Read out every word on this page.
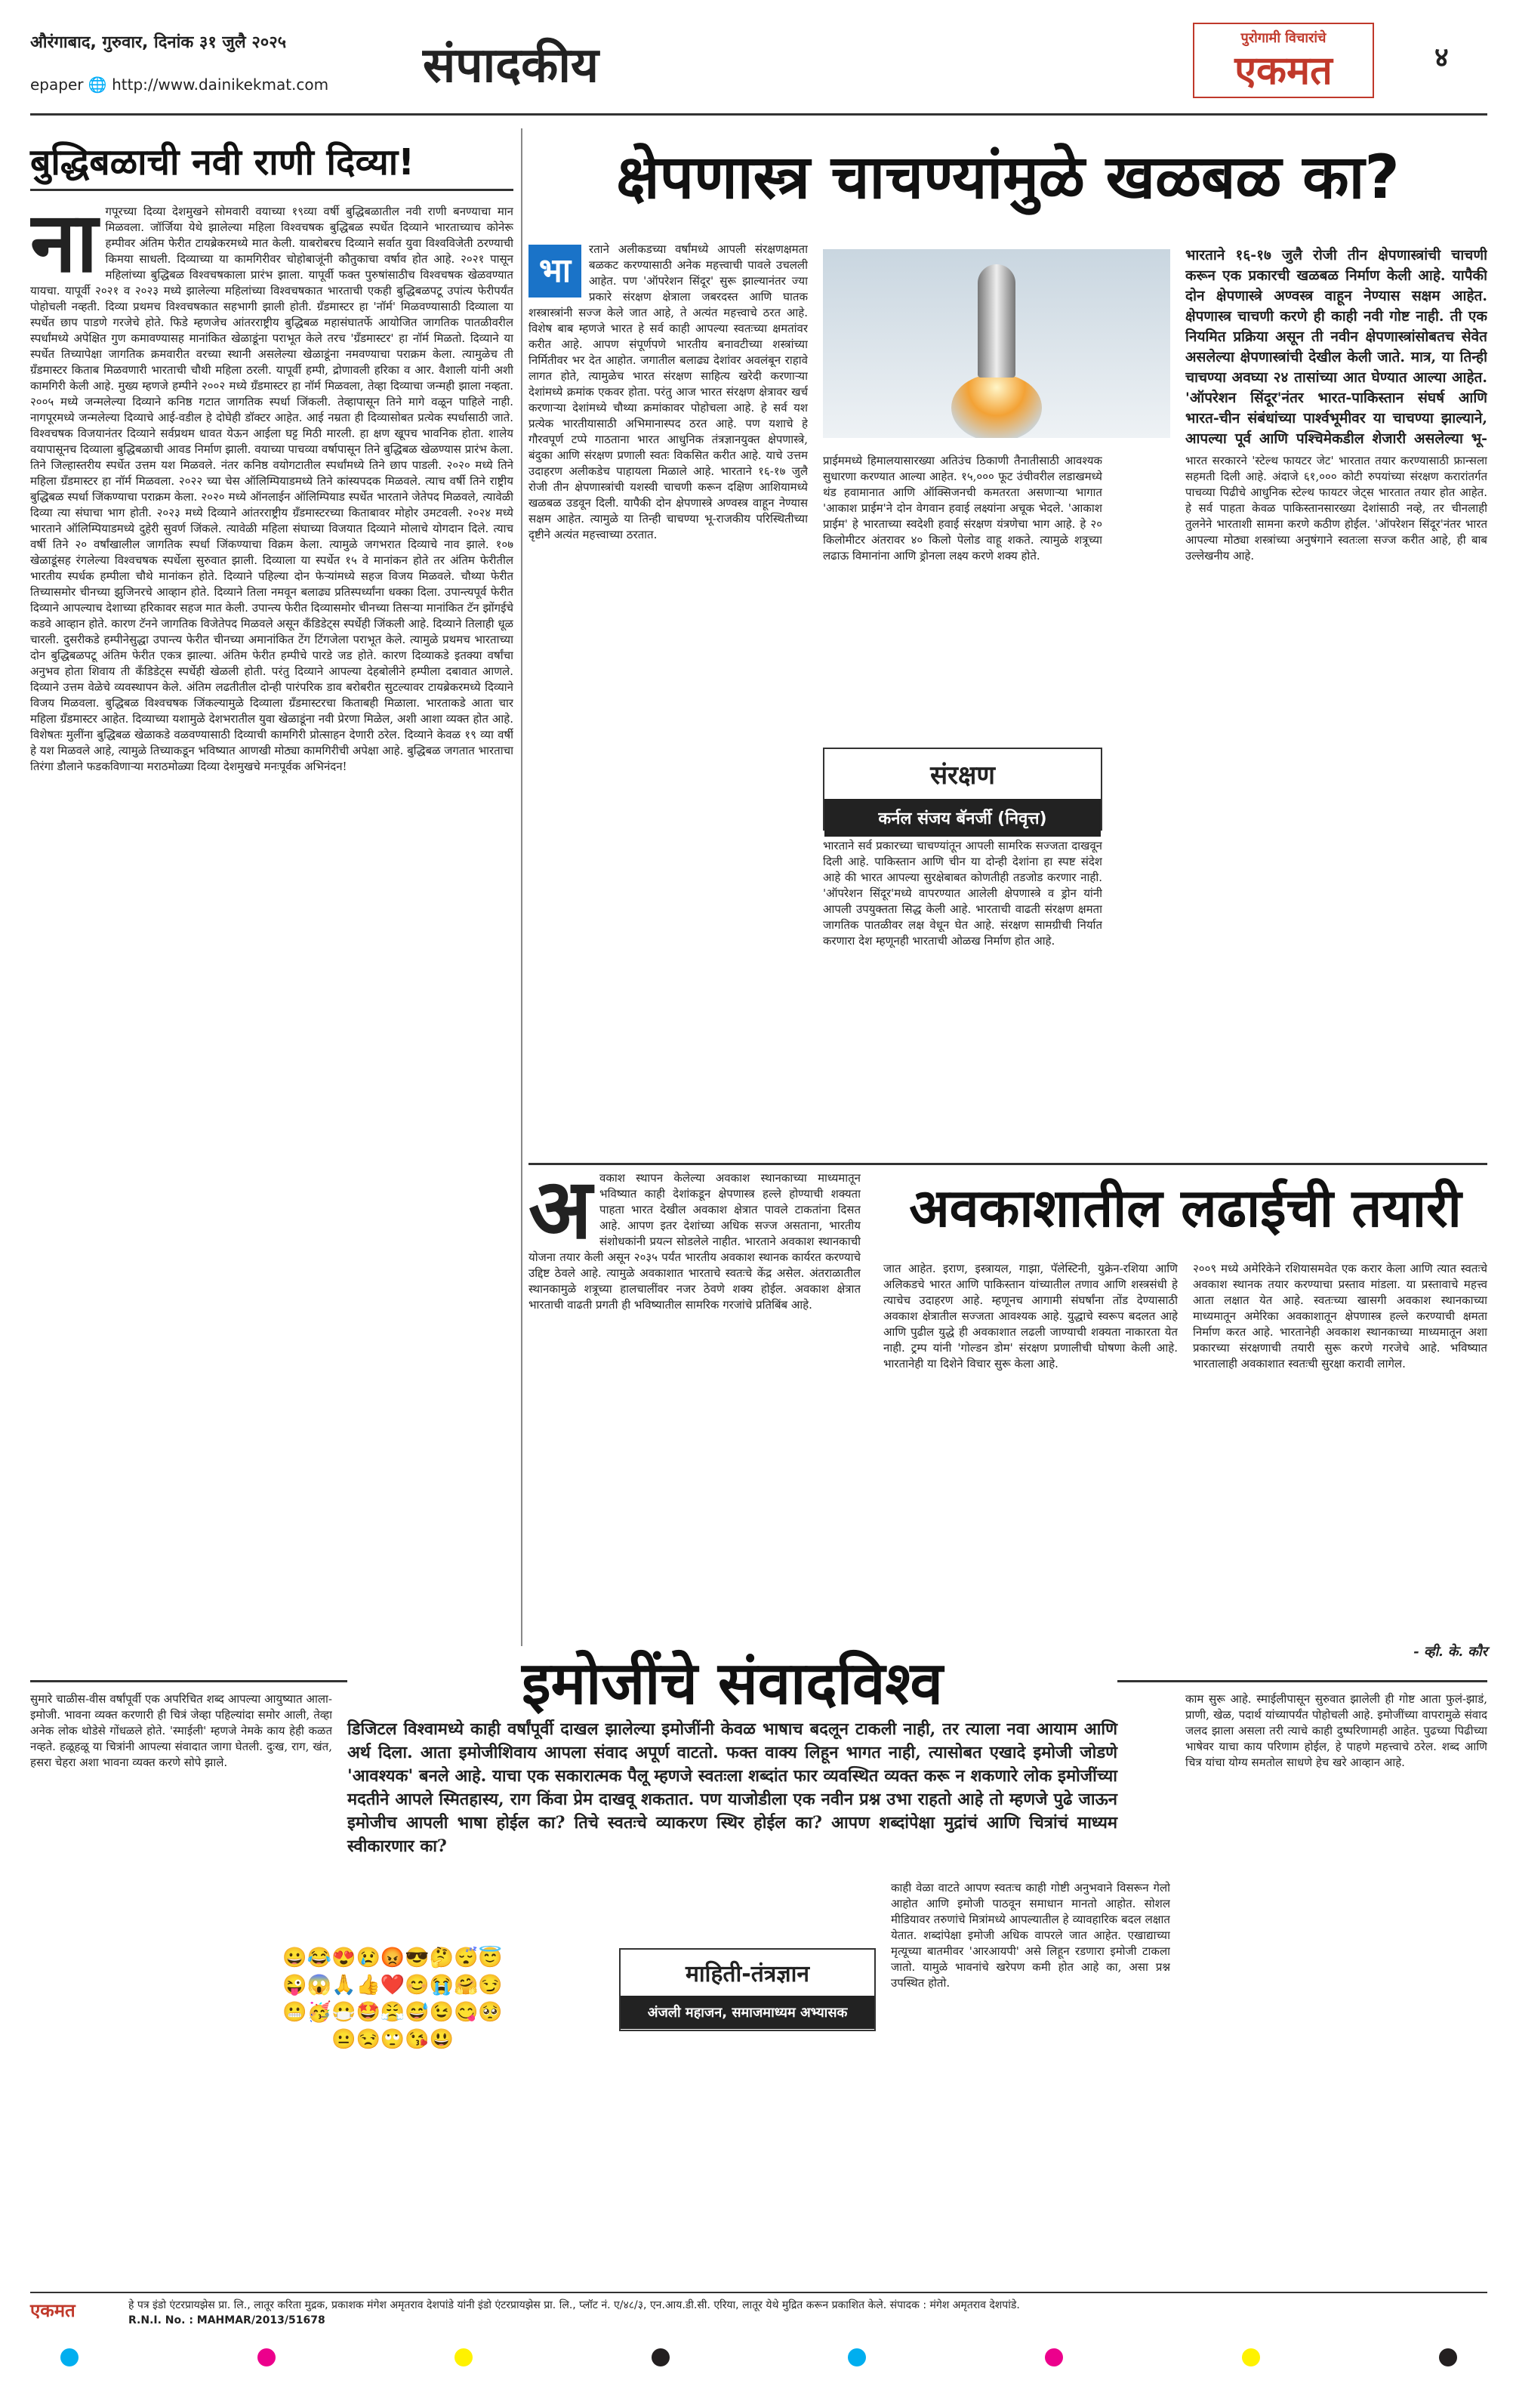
औरंगाबाद, गुरुवार, दिनांक ३१ जुलै २०२५
epaper 🌐 http://www.dainikekmat.com	संपादकीय	पुरोगामी विचारांचे
एकमत	४
बुद्धिबळाची नवी राणी दिव्या!
ना गपूरच्या दिव्या देशमुखने सोमवारी वयाच्या १९व्या वर्षी बुद्धिबळातील नवी राणी बनण्याचा मान मिळवला. जॉर्जिया येथे झालेल्या महिला विश्वचषक बुद्धिबळ स्पर्धेत दिव्याने भारताच्याच कोनेरू हम्पीवर अंतिम फेरीत टायब्रेकरमध्ये मात केली. याबरोबरच दिव्याने सर्वात युवा विश्वविजेती ठरण्याची किमया साधली. दिव्याच्या या कामगिरीवर चोहोबाजूंनी कौतुकाचा वर्षाव होत आहे. २०२१ पासून महिलांच्या बुद्धिबळ विश्वचषकाला प्रारंभ झाला. यापूर्वी फक्त पुरुषांसाठीच विश्वचषक खेळवण्यात यायचा. यापूर्वी २०२१ व २०२३ मध्ये झालेल्या महिलांच्या विश्वचषकात भारताची एकही बुद्धिबळपटू उपांत्य फेरीपर्यंत पोहोचली नव्हती. दिव्या प्रथमच विश्वचषकात सहभागी झाली होती. ग्रँडमास्टर हा 'नॉर्म' मिळवण्यासाठी दिव्याला या स्पर्धेत छाप पाडणे गरजेचे होते. फिडे म्हणजेच आंतरराष्ट्रीय बुद्धिबळ महासंघातर्फे आयोजित जागतिक पातळीवरील स्पर्धांमध्ये अपेक्षित गुण कमावण्यासह मानांकित खेळाडूंना पराभूत केले तरच 'ग्रँडमास्टर' हा नॉर्म मिळतो. दिव्याने या स्पर्धेत तिच्यापेक्षा जागतिक क्रमवारीत वरच्या स्थानी असलेल्या खेळाडूंना नमवण्याचा पराक्रम केला. त्यामुळेच ती ग्रँडमास्टर किताब मिळवणारी भारताची चौथी महिला ठरली. यापूर्वी हम्पी, द्रोणावली हरिका व आर. वैशाली यांनी अशी कामगिरी केली आहे. मुख्य म्हणजे हम्पीने २००२ मध्ये ग्रँडमास्टर हा नॉर्म मिळवला, तेव्हा दिव्याचा जन्मही झाला नव्हता. २००५ मध्ये जन्मलेल्या दिव्याने कनिष्ठ गटात जागतिक स्पर्धा जिंकली. तेव्हापासून तिने मागे वळून पाहिले नाही. नागपूरमध्ये जन्मलेल्या दिव्याचे आई-वडील हे दोघेही डॉक्टर आहेत. आई नम्रता ही दिव्यासोबत प्रत्येक स्पर्धासाठी जाते. विश्वचषक विजयानंतर दिव्याने सर्वप्रथम धावत येऊन आईला घट्ट मिठी मारली. हा क्षण खूपच भावनिक होता. शालेय वयापासूनच दिव्याला बुद्धिबळाची आवड निर्माण झाली. वयाच्या पाचव्या वर्षापासून तिने बुद्धिबळ खेळण्यास प्रारंभ केला. तिने जिल्हास्तरीय स्पर्धेत उत्तम यश मिळवले. नंतर कनिष्ठ वयोगटातील स्पर्धांमध्ये तिने छाप पाडली. २०२० मध्ये तिने महिला ग्रँडमास्टर हा नॉर्म मिळवला. २०२२ च्या चेस ऑलिम्पियाडमध्ये तिने कांस्यपदक मिळवले. त्याच वर्षी तिने राष्ट्रीय बुद्धिबळ स्पर्धा जिंकण्याचा पराक्रम केला. २०२० मध्ये ऑनलाईन ऑलिम्पियाड स्पर्धेत भारताने जेतेपद मिळवले, त्यावेळी दिव्या त्या संघाचा भाग होती. २०२३ मध्ये दिव्याने आंतरराष्ट्रीय ग्रँडमास्टरच्या किताबावर मोहोर उमटवली. २०२४ मध्ये भारताने ऑलिम्पियाडमध्ये दुहेरी सुवर्ण जिंकले. त्यावेळी महिला संघाच्या विजयात दिव्याने मोलाचे योगदान दिले. त्याच वर्षी तिने २० वर्षांखालील जागतिक स्पर्धा जिंकण्याचा विक्रम केला. त्यामुळे जगभरात दिव्याचे नाव झाले. १०७ खेळाडूंसह रंगलेल्या विश्वचषक स्पर्धेला सुरुवात झाली. दिव्याला या स्पर्धेत १५ वे मानांकन होते तर अंतिम फेरीतील भारतीय स्पर्धक हम्पीला चौथे मानांकन होते. दिव्याने पहिल्या दोन फेऱ्यांमध्ये सहज विजय मिळवले. चौथ्या फेरीत तिच्यासमोर चीनच्या झुजिनरचे आव्हान होते. दिव्याने तिला नमवून बलाढ्य प्रतिस्पर्ध्यांना धक्का दिला. उपान्त्यपूर्व फेरीत दिव्याने आपल्याच देशाच्या हरिकावर सहज मात केली. उपान्त्य फेरीत दिव्यासमोर चीनच्या तिसऱ्या मानांकित टॅन झोंगईचे कडवे आव्हान होते. कारण टॅनने जागतिक विजेतेपद मिळवले असून कॅंडिडेट्स स्पर्धेही जिंकली आहे. दिव्याने तिलाही धूळ चारली. दुसरीकडे हम्पीनेसुद्धा उपान्त्य फेरीत चीनच्या अमानांकित टेंग टिंगजेला पराभूत केले. त्यामुळे प्रथमच भारताच्या दोन बुद्धिबळपटू अंतिम फेरीत एकत्र झाल्या. अंतिम फेरीत हम्पीचे पारडे जड होते. कारण दिव्याकडे इतक्या वर्षांचा अनुभव होता शिवाय ती कॅंडिडेट्स स्पर्धेही खेळली होती. परंतु दिव्याने आपल्या देहबोलीने हम्पीला दबावात आणले. दिव्याने उत्तम वेळेचे व्यवस्थापन केले. अंतिम लढतीतील दोन्ही पारंपरिक डाव बरोबरीत सुटल्यावर टायब्रेकरमध्ये दिव्याने विजय मिळवला. बुद्धिबळ विश्वचषक जिंकल्यामुळे दिव्याला ग्रँडमास्टरचा किताबही मिळाला. भारताकडे आता चार महिला ग्रँडमास्टर आहेत. दिव्याच्या यशामुळे देशभरातील युवा खेळाडूंना नवी प्रेरणा मिळेल, अशी आशा व्यक्त होत आहे. विशेषतः मुलींना बुद्धिबळ खेळाकडे वळवण्यासाठी दिव्याची कामगिरी प्रोत्साहन देणारी ठरेल. दिव्याने केवळ १९ व्या वर्षी हे यश मिळवले आहे, त्यामुळे तिच्याकडून भविष्यात आणखी मोठ्या कामगिरीची अपेक्षा आहे. बुद्धिबळ जगतात भारताचा तिरंगा डौलाने फडकविणाऱ्या मराठमोळ्या दिव्या देशमुखचे मनःपूर्वक अभिनंदन!
क्षेपणास्त्र चाचण्यांमुळे खळबळ का?
भा
रताने अलीकडच्या वर्षांमध्ये आपली संरक्षणक्षमता बळकट करण्यासाठी अनेक महत्त्वाची पावले उचलली आहेत. पण 'ऑपरेशन सिंदूर' सुरू झाल्यानंतर ज्या प्रकारे संरक्षण क्षेत्राला जबरदस्त आणि घातक शस्त्रास्त्रांनी सज्ज केले जात आहे, ते अत्यंत महत्त्वाचे ठरत आहे. विशेष बाब म्हणजे भारत हे सर्व काही आपल्या स्वतःच्या क्षमतांवर करीत आहे. आपण संपूर्णपणे भारतीय बनावटीच्या शस्त्रांच्या निर्मितीवर भर देत आहोत. जगातील बलाढ्य देशांवर अवलंबून राहावे लागत होते, त्यामुळेच भारत संरक्षण साहित्य खरेदी करणाऱ्या देशांमध्ये क्रमांक एकवर होता. परंतु आज भारत संरक्षण क्षेत्रावर खर्च करणाऱ्या देशांमध्ये चौथ्या क्रमांकावर पोहोचला आहे. हे सर्व यश प्रत्येक भारतीयासाठी अभिमानास्पद ठरत आहे. पण यशाचे हे गौरवपूर्ण टप्पे गाठताना भारत आधुनिक तंत्रज्ञानयुक्त क्षेपणास्त्रे, बंदुका आणि संरक्षण प्रणाली स्वतः विकसित करीत आहे. याचे उत्तम उदाहरण अलीकडेच पाहायला मिळाले आहे. भारताने १६-१७ जुलै रोजी तीन क्षेपणास्त्रांची यशस्वी चाचणी करून दक्षिण आशियामध्ये खळबळ उडवून दिली. यापैकी दोन क्षेपणास्त्रे अण्वस्त्र वाहून नेण्यास सक्षम आहेत. त्यामुळे या तिन्ही चाचण्या भू-राजकीय परिस्थितीच्या दृष्टीने अत्यंत महत्त्वाच्या ठरतात.
भारताने १६-१७ जुलै रोजी तीन क्षेपणास्त्रांची चाचणी करून एक प्रकारची खळबळ निर्माण केली आहे. यापैकी दोन क्षेपणास्त्रे अण्वस्त्र वाहून नेण्यास सक्षम आहेत. क्षेपणास्त्र चाचणी करणे ही काही नवी गोष्ट नाही. ती एक नियमित प्रक्रिया असून ती नवीन क्षेपणास्त्रांसोबतच सेवेत असलेल्या क्षेपणास्त्रांची देखील केली जाते. मात्र, या तिन्ही चाचण्या अवघ्या २४ तासांच्या आत घेण्यात आल्या आहेत. 'ऑपरेशन सिंदूर'नंतर भारत-पाकिस्तान संघर्ष आणि भारत-चीन संबंधांच्या पार्श्वभूमीवर या चाचण्या झाल्याने, आपल्या पूर्व आणि पश्चिमेकडील शेजारी असलेल्या भू-
प्राईममध्ये हिमालयासारख्या अतिउंच ठिकाणी तैनातीसाठी आवश्यक सुधारणा करण्यात आल्या आहेत. १५,००० फूट उंचीवरील लडाखमध्ये थंड हवामानात आणि ऑक्सिजनची कमतरता असणाऱ्या भागात 'आकाश प्राईम'ने दोन वेगवान हवाई लक्ष्यांना अचूक भेदले. 'आकाश प्राईम' हे भारताच्या स्वदेशी हवाई संरक्षण यंत्रणेचा भाग आहे. हे २० किलोमीटर अंतरावर ४० किलो पेलोड वाहू शकते. त्यामुळे शत्रूच्या लढाऊ विमानांना आणि ड्रोनला लक्ष्य करणे शक्य होते.
संरक्षण
कर्नल संजय बॅनर्जी (निवृत्त)
भारताने सर्व प्रकारच्या चाचण्यांतून आपली सामरिक सज्जता दाखवून दिली आहे. पाकिस्तान आणि चीन या दोन्ही देशांना हा स्पष्ट संदेश आहे की भारत आपल्या सुरक्षेबाबत कोणतीही तडजोड करणार नाही. 'ऑपरेशन सिंदूर'मध्ये वापरण्यात आलेली क्षेपणास्त्रे व ड्रोन यांनी आपली उपयुक्तता सिद्ध केली आहे. भारताची वाढती संरक्षण क्षमता जागतिक पातळीवर लक्ष वेधून घेत आहे. संरक्षण सामग्रीची निर्यात करणारा देश म्हणूनही भारताची ओळख निर्माण होत आहे.
भारत सरकारने 'स्टेल्थ फायटर जेट' भारतात तयार करण्यासाठी फ्रान्सला सहमती दिली आहे. अंदाजे ६१,००० कोटी रुपयांच्या संरक्षण करारांतर्गत पाचव्या पिढीचे आधुनिक स्टेल्थ फायटर जेट्स भारतात तयार होत आहेत. हे सर्व पाहता केवळ पाकिस्तानसारख्या देशांसाठी नव्हे, तर चीनलाही तुलनेने भारताशी सामना करणे कठीण होईल. 'ऑपरेशन सिंदूर'नंतर भारत आपल्या मोठ्या शस्त्रांच्या अनुषंगाने स्वतःला सज्ज करीत आहे, ही बाब उल्लेखनीय आहे.
अवकाशातील लढाईची तयारी
अ वकाश स्थापन केलेल्या अवकाश स्थानकाच्या माध्यमातून भविष्यात काही देशांकडून क्षेपणास्त्र हल्ले होण्याची शक्यता पाहता भारत देखील अवकाश क्षेत्रात पावले टाकतांना दिसत आहे. आपण इतर देशांच्या अधिक सज्ज असताना, भारतीय संशोधकांनी प्रयत्न सोडलेले नाहीत. भारताने अवकाश स्थानकाची योजना तयार केली असून २०३५ पर्यंत भारतीय अवकाश स्थानक कार्यरत करण्याचे उद्दिष्ट ठेवले आहे. त्यामुळे अवकाशात भारताचे स्वतःचे केंद्र असेल. अंतराळातील स्थानकामुळे शत्रूच्या हालचालींवर नजर ठेवणे शक्य होईल. अवकाश क्षेत्रात भारताची वाढती प्रगती ही भविष्यातील सामरिक गरजांचे प्रतिबिंब आहे.
जात आहेत. इराण, इस्त्रायल, गाझा, पॅलेस्टिनी, युक्रेन-रशिया आणि अलिकडचे भारत आणि पाकिस्तान यांच्यातील तणाव आणि शस्त्रसंधी हे त्याचेच उदाहरण आहे. म्हणूनच आगामी संघर्षांना तोंड देण्यासाठी अवकाश क्षेत्रातील सज्जता आवश्यक आहे. युद्धाचे स्वरूप बदलत आहे आणि पुढील युद्धे ही अवकाशात लढली जाण्याची शक्यता नाकारता येत नाही. ट्रम्प यांनी 'गोल्डन डोम' संरक्षण प्रणालीची घोषणा केली आहे. भारतानेही या दिशेने विचार सुरू केला आहे.
२००९ मध्ये अमेरिकेने रशियासमवेत एक करार केला आणि त्यात स्वतःचे अवकाश स्थानक तयार करण्याचा प्रस्ताव मांडला. या प्रस्तावाचे महत्त्व आता लक्षात येत आहे. स्वतःच्या खासगी अवकाश स्थानकाच्या माध्यमातून अमेरिका अवकाशातून क्षेपणास्त्र हल्ले करण्याची क्षमता निर्माण करत आहे. भारतानेही अवकाश स्थानकाच्या माध्यमातून अशा प्रकारच्या संरक्षणाची तयारी सुरू करणे गरजेचे आहे. भविष्यात भारतालाही अवकाशात स्वतःची सुरक्षा करावी लागेल.
- व्ही. के. कौर
इमोजींचे संवादविश्व
डिजिटल विश्वामध्ये काही वर्षांपूर्वी दाखल झालेल्या इमोजींनी केवळ भाषाच बदलून टाकली नाही, तर त्याला नवा आयाम आणि अर्थ दिला. आता इमोजीशिवाय आपला संवाद अपूर्ण वाटतो. फक्त वाक्य लिहून भागत नाही, त्यासोबत एखादे इमोजी जोडणे 'आवश्यक' बनले आहे. याचा एक सकारात्मक पैलू म्हणजे स्वतःला शब्दांत फार व्यवस्थित व्यक्त करू न शकणारे लोक इमोजींच्या मदतीने आपले स्मितहास्य, राग किंवा प्रेम दाखवू शकतात. पण याजोडीला एक नवीन प्रश्न उभा राहतो आहे तो म्हणजे पुढे जाऊन इमोजीच आपली भाषा होईल का? तिचे स्वतःचे व्याकरण स्थिर होईल का? आपण शब्दांपेक्षा मुद्रांचं आणि चित्रांचं माध्यम स्वीकारणार का?
सुमारे चाळीस-वीस वर्षांपूर्वी एक अपरिचित शब्द आपल्या आयुष्यात आला- इमोजी. भावना व्यक्त करणारी ही चित्रं जेव्हा पहिल्यांदा समोर आली, तेव्हा अनेक लोक थोडेसे गोंधळले होते. 'स्माईली' म्हणजे नेमके काय हेही कळत नव्हते. हळूहळू या चित्रांनी आपल्या संवादात जागा घेतली. दुःख, राग, खंत, हसरा चेहरा अशा भावना व्यक्त करणे सोपे झाले.
😀😂😍😢😡😎🤔😴😇😜😱🙏👍❤️😊😭🤗😏😬🥳😷🤩😤😅😉😋🥺😐😒🙄😘😃
माहिती-तंत्रज्ञान
अंजली महाजन, समाजमाध्यम अभ्यासक
काही वेळा वाटते आपण स्वतःच काही गोष्टी अनुभवाने विसरून गेलो आहोत आणि इमोजी पाठवून समाधान मानतो आहोत. सोशल मीडियावर तरुणांचे मित्रांमध्ये आपल्यातील हे व्यावहारिक बदल लक्षात येतात. शब्दांपेक्षा इमोजी अधिक वापरले जात आहेत. एखाद्याच्या मृत्यूच्या बातमीवर 'आरआयपी' असे लिहून रडणारा इमोजी टाकला जातो. यामुळे भावनांचे खरेपण कमी होत आहे का, असा प्रश्न उपस्थित होतो.
काम सुरू आहे. स्माईलीपासून सुरुवात झालेली ही गोष्ट आता फुलं-झाडं, प्राणी, खेळ, पदार्थ यांच्यापर्यंत पोहोचली आहे. इमोजींच्या वापरामुळे संवाद जलद झाला असला तरी त्याचे काही दुष्परिणामही आहेत. पुढच्या पिढीच्या भाषेवर याचा काय परिणाम होईल, हे पाहणे महत्त्वाचे ठरेल. शब्द आणि चित्र यांचा योग्य समतोल साधणे हेच खरे आव्हान आहे.
एकमत	हे पत्र इंडो एंटरप्रायझेस प्रा. लि., लातूर करिता मुद्रक, प्रकाशक मंगेश अमृतराव देशपांडे यांनी इंडो एंटरप्रायझेस प्रा. लि., प्लॉट नं. ए/४८/३, एन.आय.डी.सी. एरिया, लातूर येथे मुद्रित करून प्रकाशित केले. संपादक : मंगेश अमृतराव देशपांडे.
R.N.I. No. : MAHMAR/2013/51678
